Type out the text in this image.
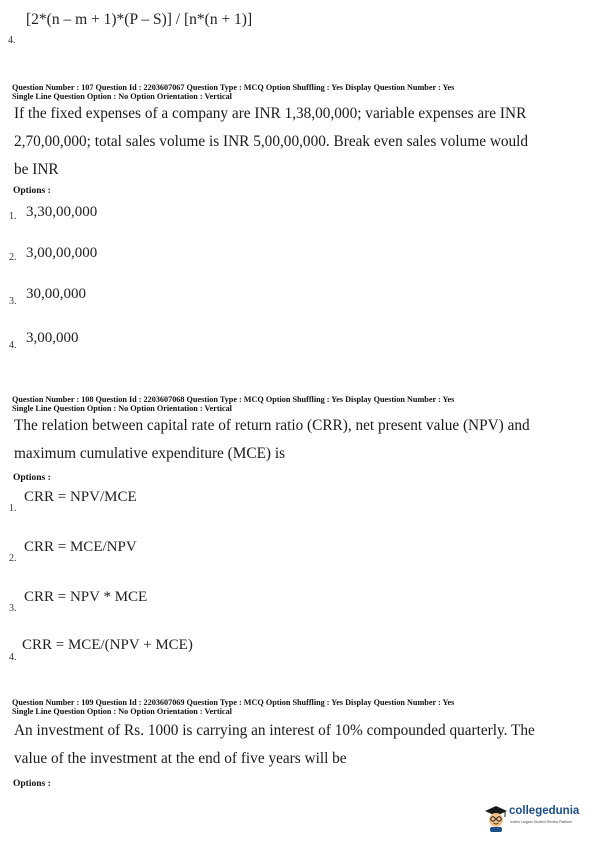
4.
[2*(n – m + 1)*(P – S)] / [n*(n + 1)]
Question Number : 107 Question Id : 2203607067 Question Type : MCQ Option Shuffling : Yes Display Question Number : Yes
Single Line Question Option : No Option Orientation : Vertical
If the fixed expenses of a company are INR 1,38,00,000; variable expenses are INR
2,70,00,000; total sales volume is INR 5,00,00,000. Break even sales volume would
be INR
Options :
1. 3,30,00,000
2. 3,00,00,000
3. 30,00,000
4. 3,00,000
Question Number : 108 Question Id : 2203607068 Question Type : MCQ Option Shuffling : Yes Display Question Number : Yes
Single Line Question Option : No Option Orientation : Vertical
The relation between capital rate of return ratio (CRR), net present value (NPV) and
maximum cumulative expenditure (MCE) is
Options :
1.
CRR = NPV/MCE
2.
CRR = MCE/NPV
3.
CRR = NPV * MCE
4.
CRR = MCE/(NPV + MCE)
Question Number : 109 Question Id : 2203607069 Question Type : MCQ Option Shuffling : Yes Display Question Number : Yes
Single Line Question Option : No Option Orientation : Vertical
An investment of Rs. 1000 is carrying an interest of 10% compounded quarterly. The
value of the investment at the end of five years will be
Options :
collegedunia
India's Largest Student Review Platform
